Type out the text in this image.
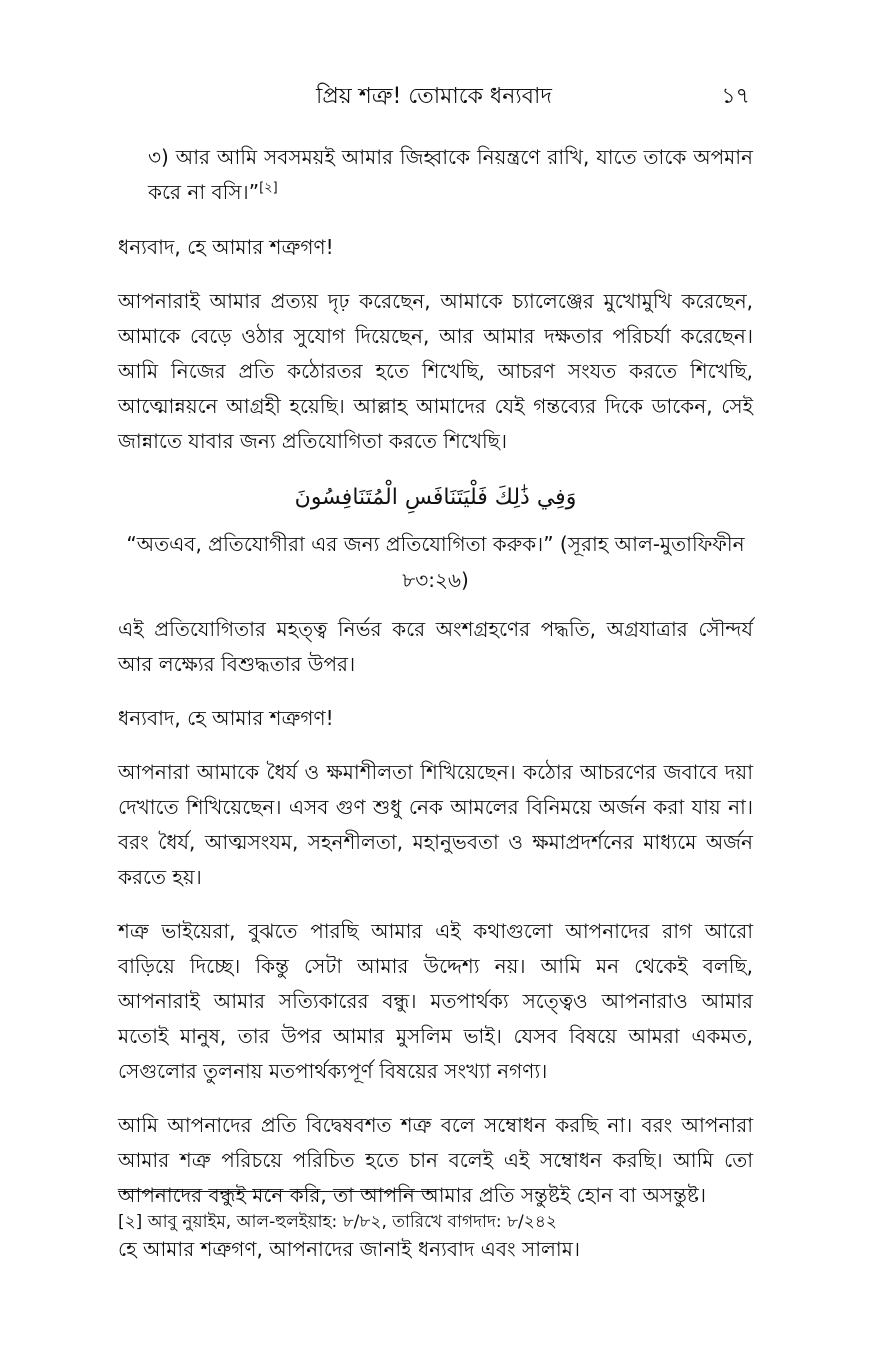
প্রিয় শত্রু! তোমাকে ধন্যবাদ	১৭

৩) আর আমি সবসময়ই আমার জিহ্বাকে নিয়ন্ত্রণে রাখি, যাতে তাকে অপমান করে না বসি।”[২]

ধন্যবাদ, হে আমার শত্রুগণ!

আপনারাই আমার প্রত্যয় দৃঢ় করেছেন, আমাকে চ্যালেঞ্জের মুখোমুখি করেছেন, আমাকে বেড়ে ওঠার সুযোগ দিয়েছেন, আর আমার দক্ষতার পরিচর্যা করেছেন। আমি নিজের প্রতি কঠোরতর হতে শিখেছি, আচরণ সংযত করতে শিখেছি, আত্মোন্নয়নে আগ্রহী হয়েছি। আল্লাহ আমাদের যেই গন্তব্যের দিকে ডাকেন, সেই জান্নাতে যাবার জন্য প্রতিযোগিতা করতে শিখেছি।

وَفِي ذَٰلِكَ فَلْيَتَنَافَسِ الْمُتَنَافِسُونَ
“অতএব, প্রতিযোগীরা এর জন্য প্রতিযোগিতা করুক।” (সূরাহ আল-মুতাফিফীন ৮৩:২৬)

এই প্রতিযোগিতার মহত্ত্ব নির্ভর করে অংশগ্রহণের পদ্ধতি, অগ্রযাত্রার সৌন্দর্য আর লক্ষ্যের বিশুদ্ধতার উপর।

ধন্যবাদ, হে আমার শত্রুগণ!

আপনারা আমাকে ধৈর্য ও ক্ষমাশীলতা শিখিয়েছেন। কঠোর আচরণের জবাবে দয়া দেখাতে শিখিয়েছেন। এসব গুণ শুধু নেক আমলের বিনিময়ে অর্জন করা যায় না। বরং ধৈর্য, আত্মসংযম, সহনশীলতা, মহানুভবতা ও ক্ষমাপ্রদর্শনের মাধ্যমে অর্জন করতে হয়।

শত্রু ভাইয়েরা, বুঝতে পারছি আমার এই কথাগুলো আপনাদের রাগ আরো বাড়িয়ে দিচ্ছে। কিন্তু সেটা আমার উদ্দেশ্য নয়। আমি মন থেকেই বলছি, আপনারাই আমার সত্যিকারের বন্ধু। মতপার্থক্য সত্ত্বেও আপনারাও আমার মতোই মানুষ, তার উপর আমার মুসলিম ভাই। যেসব বিষয়ে আমরা একমত, সেগুলোর তুলনায় মতপার্থক্যপূর্ণ বিষয়ের সংখ্যা নগণ্য।

আমি আপনাদের প্রতি বিদ্বেষবশত শত্রু বলে সম্বোধন করছি না। বরং আপনারা আমার শত্রু পরিচয়ে পরিচিত হতে চান বলেই এই সম্বোধন করছি। আমি তো আপনাদের বন্ধুই মনে করি, তা আপনি আমার প্রতি সন্তুষ্টই হোন বা অসন্তুষ্ট।

হে আমার শত্রুগণ, আপনাদের জানাই ধন্যবাদ এবং সালাম।

[২] আবু নুয়াইম, আল-হুলইয়াহ: ৮/৮২, তারিখে বাগদাদ: ৮/২৪২
